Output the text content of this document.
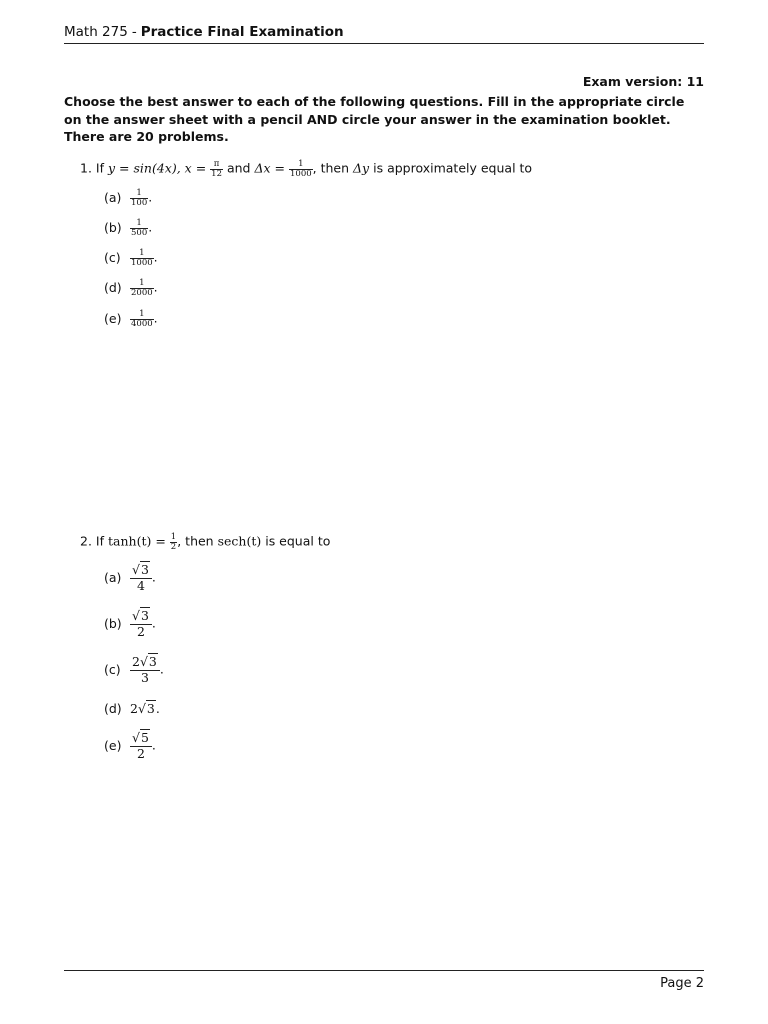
Math 275 - Practice Final Examination
Exam version: 11

Choose the best answer to each of the following questions. Fill in the appropriate circle on the answer sheet with a pencil AND circle your answer in the examination booklet.

There are 20 problems.

1. If y = sin(4x), $x = \frac{\pi}{12}$ and $\Delta x = \frac{1}{1000}$ , then Δy is approximately equal to
$(a) \frac{1}{100}$ .
$(b) \frac{1}{500}$ .
$(c) \frac{1}{1000}$ .
$(d) \frac{1}{2000}$ .
$(e) \frac{1}{4000}$ .
2. If $\tanh(t) = \frac{1}{2}$ , then sech(t) is equal to
$(a) \frac{√3}{4}$ .
$(b) \frac{√3}{2}$ .
$(c) \frac{2√3}{3}$ .
(d) 2√3.
$(e) \frac{√5}{2}$ .
Page 2
